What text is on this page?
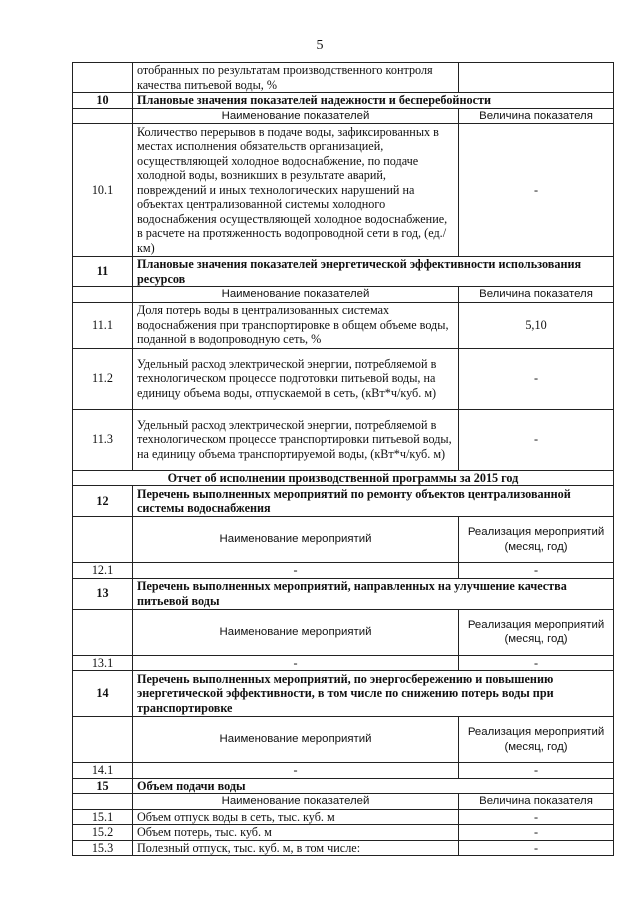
5
	отобранных по результатам производственного контроля качества питьевой воды, %	
10	Плановые значения показателей надежности и бесперебойности	
	Наименование показателей	Величина показателя
10.1	Количество перерывов в подаче воды, зафиксированных в местах исполнения обязательств организацией, осуществляющей холодное водоснабжение, по подаче холодной воды, возникших в результате аварий, повреждений и иных технологических нарушений на объектах централизованной системы холодного водоснабжения осуществляющей холодное водоснабжение, в расчете на протяженность водопроводной сети в год, (ед./км)	-
11	Плановые значения показателей энергетической эффективности использования ресурсов	
	Наименование показателей	Величина показателя
11.1	Доля потерь воды в централизованных системах водоснабжения при транспортировке в общем объеме воды, поданной в водопроводную сеть, %	5,10
11.2	Удельный расход электрической энергии, потребляемой в технологическом процессе подготовки питьевой воды, на единицу объема воды, отпускаемой в сеть, (кВт*ч/куб. м)	-
11.3	Удельный расход электрической энергии, потребляемой в технологическом процессе транспортировки питьевой воды, на единицу объема транспортируемой воды, (кВт*ч/куб. м)	-
Отчет об исполнении производственной программы за 2015 год		
12	Перечень выполненных мероприятий по ремонту объектов централизованной системы водоснабжения	
	Наименование мероприятий	Реализация мероприятий (месяц, год)
12.1	-	-
13	Перечень выполненных мероприятий, направленных на улучшение качества питьевой воды	
	Наименование мероприятий	Реализация мероприятий (месяц, год)
13.1	-	-
14	Перечень выполненных мероприятий, по энергосбережению и повышению энергетической эффективности, в том числе по снижению потерь воды при транспортировке	
	Наименование мероприятий	Реализация мероприятий (месяц, год)
14.1	-	-
15	Объем подачи воды	
	Наименование показателей	Величина показателя
15.1	Объем отпуск воды в сеть, тыс. куб. м	-
15.2	Объем потерь, тыс. куб. м	-
15.3	Полезный отпуск, тыс. куб. м, в том числе:	-
